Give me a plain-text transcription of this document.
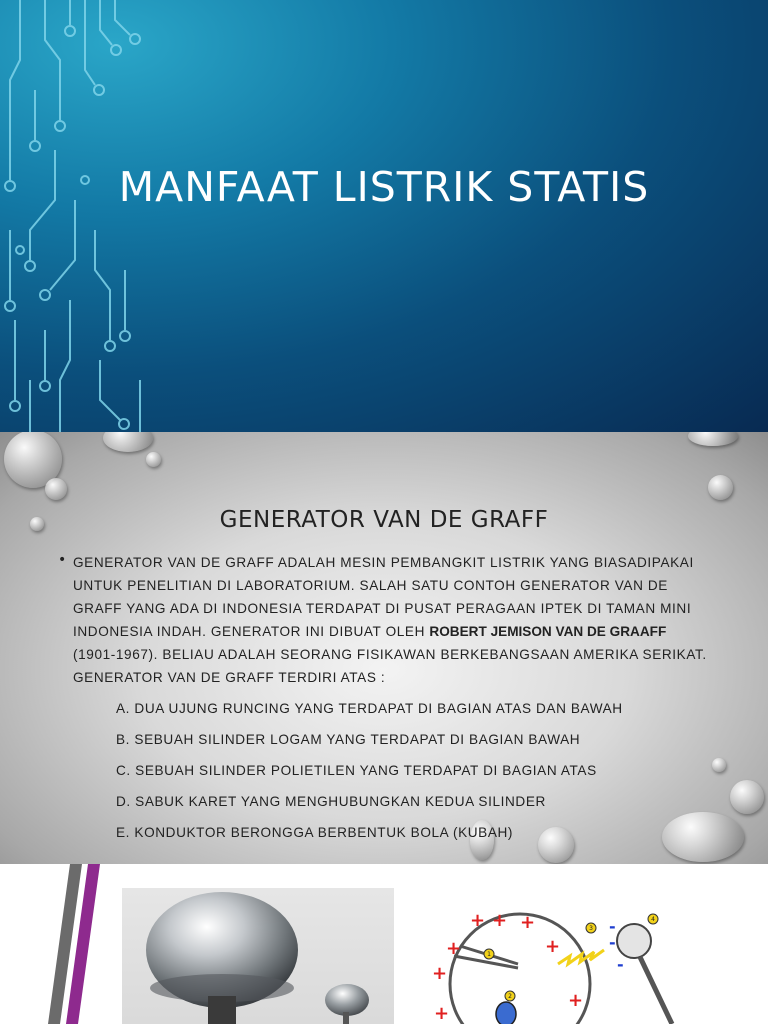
MANFAAT LISTRIK STATIS
GENERATOR VAN DE GRAFF
• GENERATOR VAN DE GRAFF ADALAH MESIN PEMBANGKIT LISTRIK YANG BIASADIPAKAI UNTUK PENELITIAN DI LABORATORIUM. SALAH SATU CONTOH GENERATOR VAN DE GRAFF YANG ADA DI INDONESIA TERDAPAT DI PUSAT PERAGAAN IPTEK DI TAMAN MINI INDONESIA INDAH. GENERATOR INI DIBUAT OLEH ROBERT JEMISON VAN DE GRAAFF (1901-1967). BELIAU ADALAH SEORANG FISIKAWAN BERKEBANGSAAN AMERIKA SERIKAT. GENERATOR VAN DE GRAFF TERDIRI ATAS :
A. DUA UJUNG RUNCING YANG TERDAPAT DI BAGIAN ATAS DAN BAWAH
B. SEBUAH SILINDER LOGAM YANG TERDAPAT DI BAGIAN BAWAH
C. SEBUAH SILINDER POLIETILEN YANG TERDAPAT DI BAGIAN ATAS
D. SABUK KARET YANG MENGHUBUNGKAN KEDUA SILINDER
E. KONDUKTOR BERONGGA BERBENTUK BOLA (KUBAH)
+ + +
+	+
+
+
+
-
-
-
1
2
3
4
